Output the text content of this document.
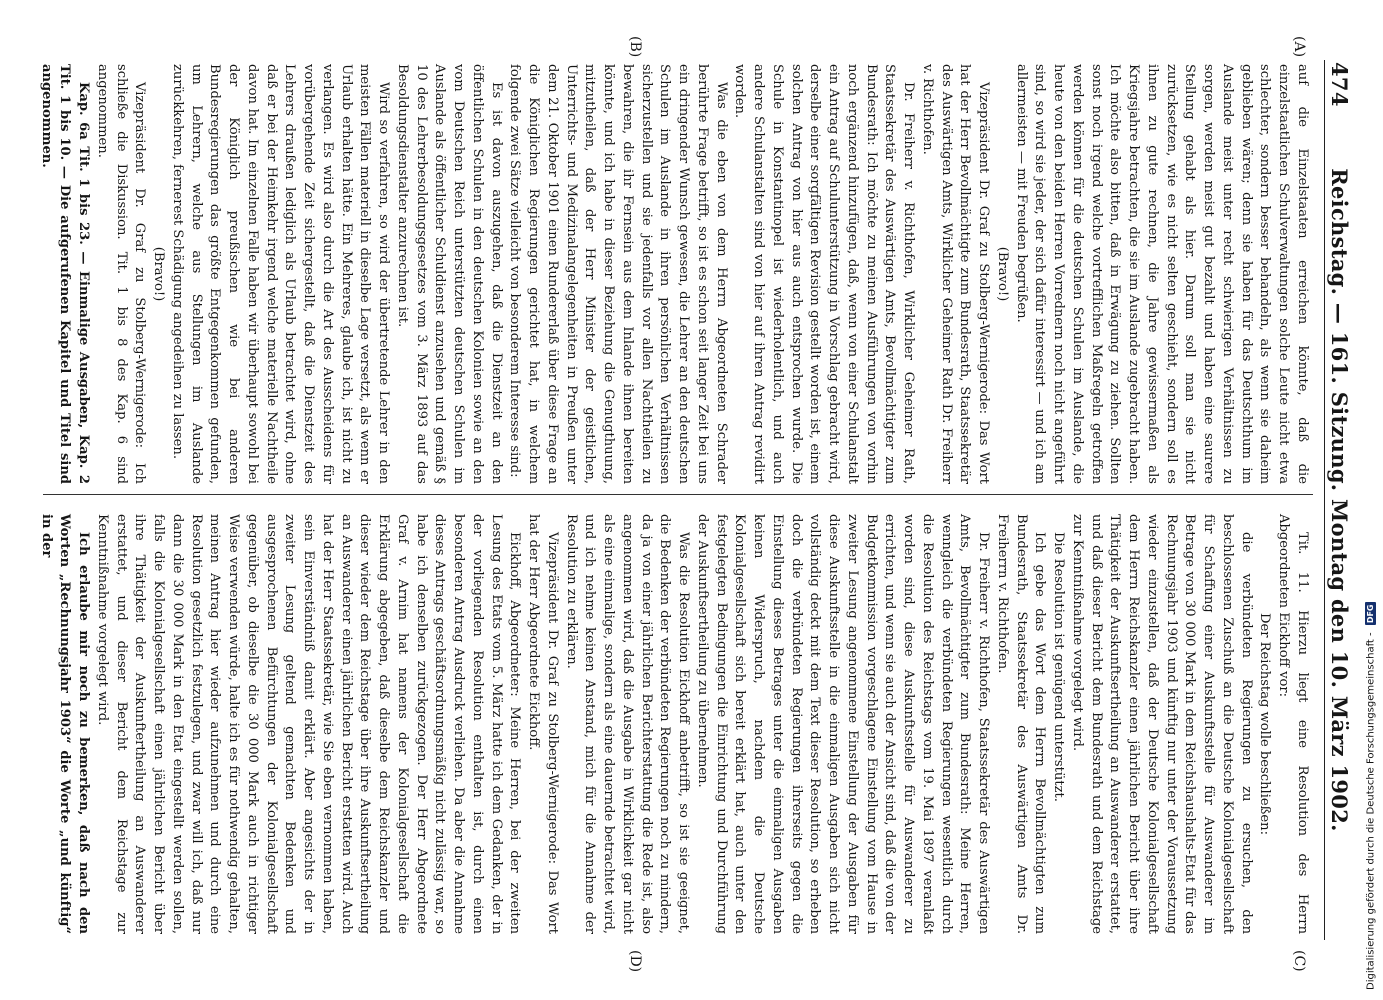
474
Reichstag. — 161. Sitzung. Montag den 10. März 1902.
(A)
(B)
(C)
(D)

auf die Einzelstaaten erreichen könnte, daß die einzelstaatlichen Schulverwaltungen solche Leute nicht etwa schlechter, sondern besser behandeln, als wenn sie daheim geblieben wären; denn sie haben für das Deutschthum im Auslande meist unter recht schwierigen Verhältnissen zu sorgen, werden meist gut bezahlt und haben eine saurere Stellung gehabt als hier. Darum soll man sie nicht zurücksetzen, wie es nicht selten geschieht, sondern soll es ihnen zu gute rechnen, die Jahre gewissermaßen als Kriegsjahre betrachten, die sie im Auslande zugebracht haben. Ich möchte also bitten, daß in Erwägung zu ziehen. Sollten sonst noch irgend welche vortrefflichen Maßregeln getroffen werden können für die deutschen Schulen im Auslande, die heute von den beiden Herren Vorrednern noch nicht angeführt sind, so wird sie jeder, der sich dafür interessirt — und ich am allermeisten — mit Freuden begrüßen.

(Bravo!)

Vizepräsident Dr. Graf zu Stolberg-Wernigerode: Das Wort hat der Herr Bevollmächtigte zum Bundesrath, Staatssekretär des Auswärtigen Amts, Wirklicher Geheimer Rath Dr. Freiherr v. Richthofen.

Dr. Freiherr v. Richthofen, Wirklicher Geheimer Rath, Staatssekretär des Auswärtigen Amts, Bevollmächtigter zum Bundesrath: Ich möchte zu meinen Ausführungen von vorhin noch ergänzend hinzufügen, daß, wenn von einer Schulanstalt ein Antrag auf Schulunterstützung in Vorschlag gebracht wird, derselbe einer sorgfältigen Revision gestellt worden ist, einem solchen Antrag von hier aus auch entsprochen wurde. Die Schule in Konstantinopel ist wiederholentlich, und auch andere Schulanstalten sind von hier auf ihren Antrag revidirt worden.

Was die eben von dem Herrn Abgeordneten Schrader berührte Frage betrifft, so ist es schon seit langer Zeit bei uns ein dringender Wunsch gewesen, die Lehrer an den deutschen Schulen im Auslande in ihren persönlichen Verhältnissen sicherzustellen und sie jedenfalls vor allen Nachtheilen zu bewahren, die ihr Fernsein aus dem Inlande ihnen bereiten könnte, und ich habe in dieser Beziehung die Genugthuung, mitzutheilen, daß der Herr Minister der geistlichen, Unterrichts- und Medizinalangelegenheiten in Preußen unter dem 21. Oktober 1901 einen Rundererlaß über diese Frage an die Königlichen Regierungen gerichtet hat, in welchem folgende zwei Sätze vielleicht von besonderem Interesse sind:

Es ist davon auszugehen, daß die Dienstzeit an den öffentlichen Schulen in den deutschen Kolonien sowie an den vom Deutschen Reich unterstützten deutschen Schulen im Auslande als öffentlicher Schuldienst anzusehen und gemäß § 10 des Lehrerbesoldungsgesetzes vom 3. März 1893 auf das Besoldungsdienstalter anzurechnen ist.

Wird so verfahren, so wird der übertretende Lehrer in den meisten Fällen materiell in dieselbe Lage versetzt, als wenn er Urlaub erhalten hätte. Ein Mehreres, glaube ich, ist nicht zu verlangen. Es wird also durch die Art des Ausscheidens für vorübergehende Zeit sichergestellt, daß die Dienstzeit des Lehrers draußen lediglich als Urlaub betrachtet wird, ohne daß er bei der Heimkehr irgend welche materielle Nachtheile davon hat. Im einzelnen Falle haben wir überhaupt sowohl bei der Königlich preußischen wie bei anderen Bundesregierungen das größte Entgegenkommen gefunden, um Lehrern, welche aus Stellungen im Auslande zurückkehren, fernerest Schädigung angedeihen zu lassen.

(Bravo!)

Vizepräsident Dr. Graf zu Stolberg-Wernigerode: Ich schließe die Diskussion. Tit. 1 bis 8 des Kap. 6 sind angenommen.

Kap. 6a Tit. 1 bis 23. — Einmalige Ausgaben, Kap. 2 Tit. 1 bis 10. — Die aufgerufenen Kapitel und Titel sind angenommen.

Tit. 11. Hierzu liegt eine Resolution des Herrn Abgeordneten Eickhoff vor:

Der Reichstag wolle beschließen:

die verbündeten Regierungen zu ersuchen, den beschlossenen Zuschuß an die Deutsche Kolonialgesellschaft für Schaffung einer Auskunftsstelle für Auswanderer im Betrage von 30 000 Mark in dem Reichshaushalts-Etat für das Rechnungsjahr 1903 und künftig nur unter der Voraussetzung wieder einzustellen, daß der Deutsche Kolonialgesellschaft dem Herrn Reichskanzler einen jährlichen Bericht über ihre Thätigkeit der Auskunftsertheilung an Auswanderer erstattet, und daß dieser Bericht dem Bundesrath und dem Reichstage zur Kenntnißnahme vorgelegt wird.

Die Resolution ist genügend unterstützt.

Ich gebe das Wort dem Herrn Bevollmächtigten zum Bundesrath, Staatssekretär des Auswärtigen Amts Dr. Freiherrn v. Richthofen.

Dr. Freiherr v. Richthofen, Staatssekretär des Auswärtigen Amts, Bevollmächtigter zum Bundesrath: Meine Herren, wenngleich die verbündeten Regierungen wesentlich durch die Resolution des Reichstags vom 19. Mai 1897 veranlaßt worden sind, diese Auskunftsstelle für Auswanderer zu errichten, und wenn sie auch der Ansicht sind, daß die von der Budgetkommission vorgeschlagene Einstellung vom Hause in zweiter Lesung angenommene Einstellung der Ausgaben für diese Auskunftsstelle in die einmaligen Ausgaben sich nicht vollständig deckt mit dem Text dieser Resolution, so erheben doch die verbündeten Regierungen ihrerseits gegen die Einstellung dieses Betrages unter die einmaligen Ausgaben keinen Widerspruch, nachdem die Deutsche Kolonialgesellschaft sich bereit erklärt hat, auch unter den festgelegten Bedingungen die Einrichtung und Durchführung der Auskunftsertheilung zu übernehmen.

Was die Resolution Eickhoff anbetrifft, so ist sie geeignet, die Bedenken der verbündeten Regierungen noch zu mindern, da ja von einer jährlichen Berichterstattung die Rede ist, also angenommen wird, daß die Ausgabe in Wirklichkeit gar nicht als eine einmalige, sondern als eine dauernde betrachtet wird, und ich nehme keinen Anstand, mich für die Annahme der Resolution zu erklären.

Vizepräsident Dr. Graf zu Stolberg-Wernigerode: Das Wort hat der Herr Abgeordnete Eickhoff.

Eickhoff, Abgeordneter: Meine Herren, bei der zweiten Lesung des Etats vom 5. März hatte ich dem Gedanken, der in der vorliegenden Resolution enthalten ist, durch einen besonderen Antrag Ausdruck verliehen. Da aber die Annahme dieses Antrags geschäftsordnungsmäßig nicht zulässig war, so habe ich denselben zurückgezogen. Der Herr Abgeordnete Graf v. Arnim hat namens der Kolonialgesellschaft die Erklärung abgegeben, daß dieselbe dem Reichskanzler und dieser wieder dem Reichstage über ihre Auskunftsertheilung an Auswanderer einen jährlichen Bericht erstatten wird. Auch hat der Herr Staatssekretär, wie Sie eben vernommen haben, sein Einverständniß damit erklärt. Aber angesichts der in zweiter Lesung geltend gemachten Bedenken und ausgesprochenen Befürchtungen der Kolonialgesellschaft gegenüber, ob dieselbe die 30 000 Mark auch in richtiger Weise verwenden würde, halte ich es für nothwendig gehalten, meinen Antrag hier wieder aufzunehmen und durch eine Resolution gesetzlich festzulegen, und zwar will ich, daß nur dann die 30 000 Mark in den Etat eingestellt werden sollen, falls die Kolonialgesellschaft einen jährlichen Bericht über ihre Thätigkeit der Auskunftertheilung an Auswanderer erstattet, und dieser Bericht dem Reichstage zur Kenntnißnahme vorgelegt wird.

Ich erlaube mir noch zu bemerken, daß nach den Worten „Rechnungsjahr 1903“ die Worte „und künftig“ in der

Digitalisierung gefördert durch die Deutsche Forschungsgemeinschaft - DFG
